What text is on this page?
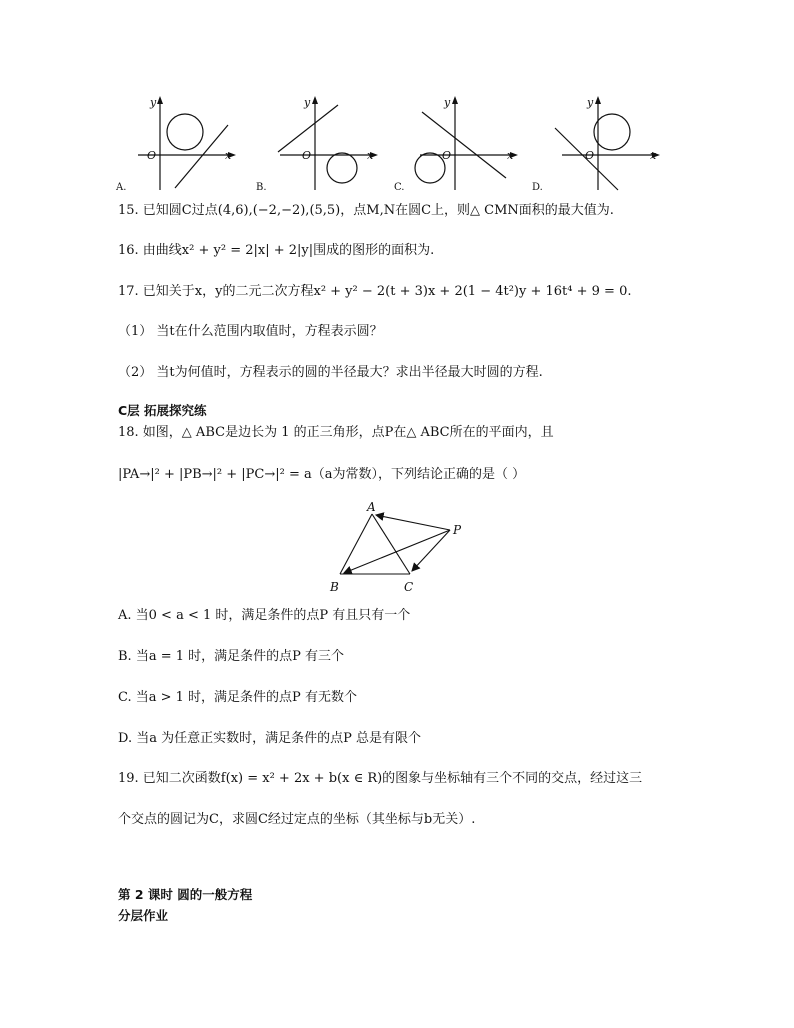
y
x
O
y
x
O
y
x
O
y
x
O
A.	B.	C.	D.
15. 已知圆C过点(4,6),(−2,−2),(5,5)，点M,N在圆C上，则△ CMN面积的最大值为.
16. 由曲线x² + y² = 2|x| + 2|y|围成的图形的面积为.
17. 已知关于x，y的二元二次方程x² + y² − 2(t + 3)x + 2(1 − 4t²)y + 16t⁴ + 9 = 0.
（1） 当t在什么范围内取值时，方程表示圆？
（2） 当t为何值时，方程表示的圆的半径最大？求出半径最大时圆的方程.
C层 拓展探究练
18. 如图，△ ABC是边长为 1 的正三角形，点P在△ ABC所在的平面内，且
|PA→|² + |PB→|² + |PC→|² = a（a为常数），下列结论正确的是（ ）
A
B	C
P
A. 当0 < a < 1 时，满足条件的点P 有且只有一个
B. 当a = 1 时，满足条件的点P 有三个
C. 当a > 1 时，满足条件的点P 有无数个
D. 当a 为任意正实数时，满足条件的点P 总是有限个
19. 已知二次函数f(x) = x² + 2x + b(x ∈ R)的图象与坐标轴有三个不同的交点，经过这三
个交点的圆记为C，求圆C经过定点的坐标（其坐标与b无关）.
第 2 课时 圆的一般方程
分层作业
